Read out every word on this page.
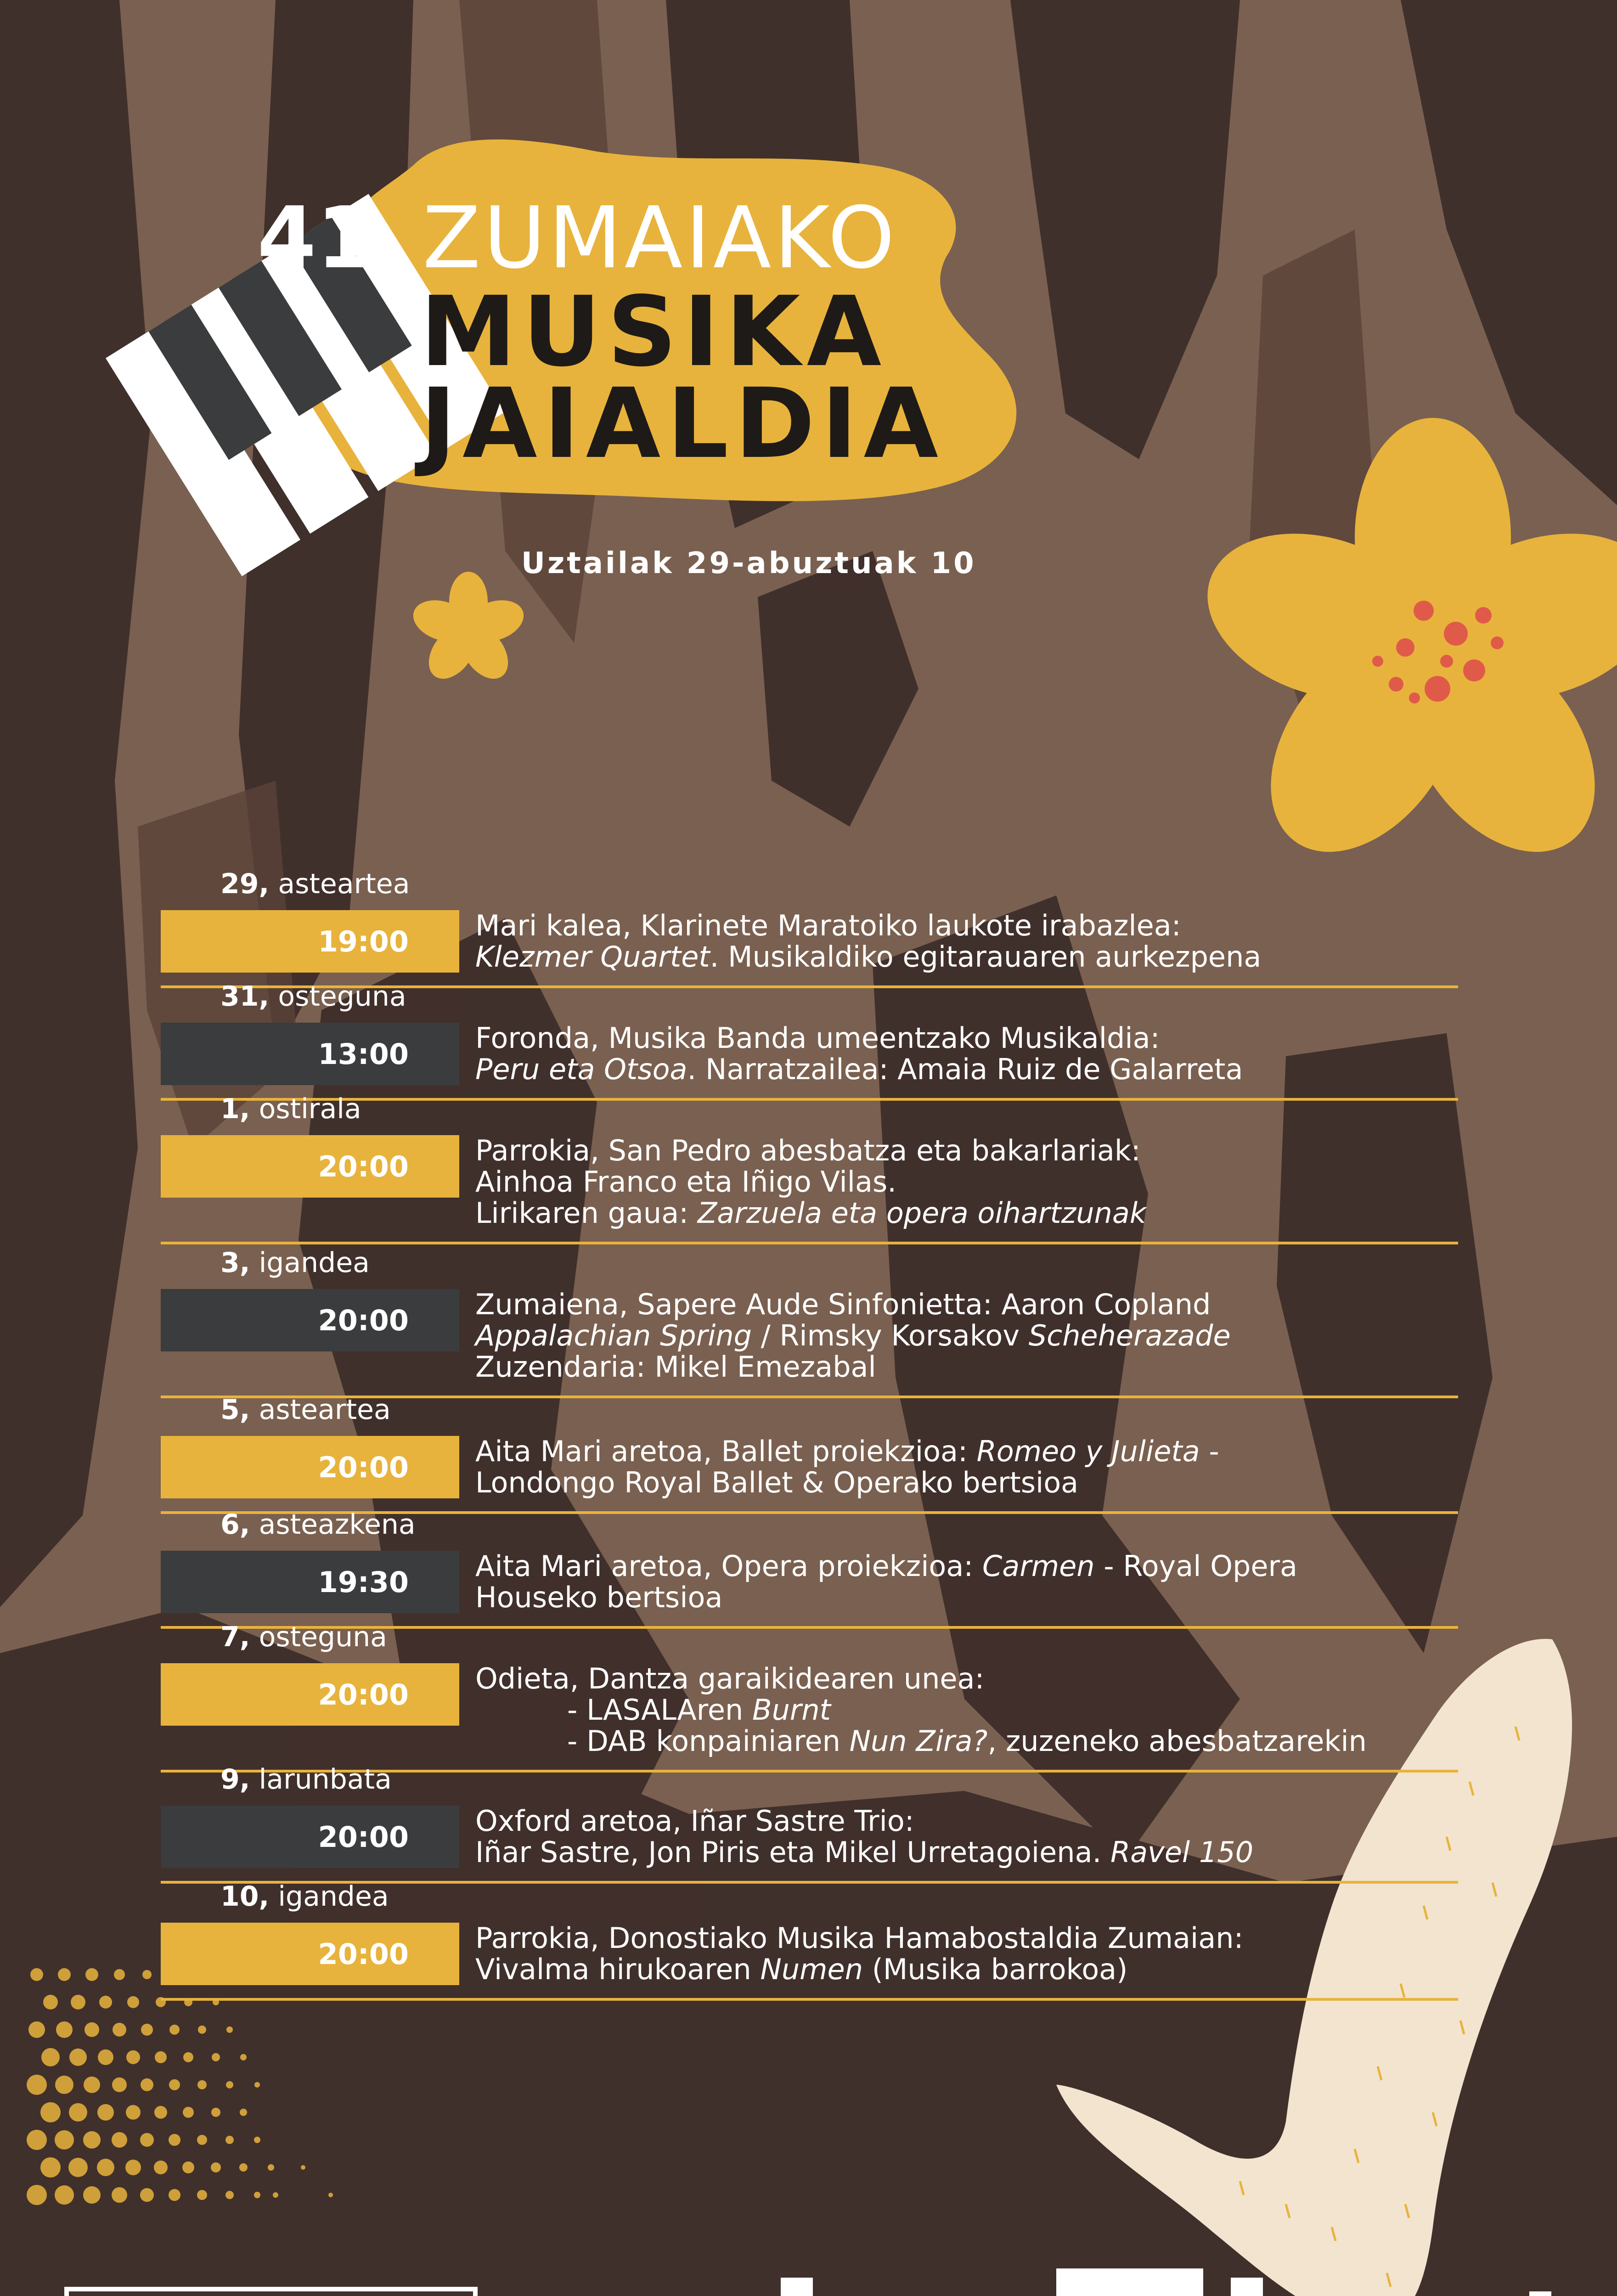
41. ZUMAIAKO
MUSIKA
JAIALDIA
Uztailak 29-abuztuak 10
29, asteartea
19:00 Mari kalea, Klarinete Maratoiko laukote irabazlea:
Klezmer Quartet. Musikaldiko egitarauaren aurkezpena
31, osteguna
13:00 Foronda, Musika Banda umeentzako Musikaldia:
Peru eta Otsoa. Narratzailea: Amaia Ruiz de Galarreta
1, ostirala
20:00 Parrokia, San Pedro abesbatza eta bakarlariak:
Ainhoa Franco eta Iñigo Vilas.
Lirikaren gaua: Zarzuela eta opera oihartzunak
3, igandea
20:00 Zumaiena, Sapere Aude Sinfonietta: Aaron Copland
Appalachian Spring / Rimsky Korsakov Scheherazade
Zuzendaria: Mikel Emezabal
5, asteartea
20:00 Aita Mari aretoa, Ballet proiekzioa: Romeo y Julieta -
Londongo Royal Ballet & Operako bertsioa
6, asteazkena
19:30 Aita Mari aretoa, Opera proiekzioa: Carmen - Royal Opera
Houseko bertsioa
7, osteguna
20:00 Odieta, Dantza garaikidearen unea:
- LASALAren Burnt
- DAB konpainiaren Nun Zira?, zuzeneko abesbatzarekin
9, larunbata
20:00 Oxford aretoa, Iñar Sastre Trio:
Iñar Sastre, Jon Piris eta Mikel Urretagoiena. Ravel 150
10, igandea
20:00 Parrokia, Donostiako Musika Hamabostaldia Zumaian:
Vivalma hirukoaren Numen (Musika barrokoa)
